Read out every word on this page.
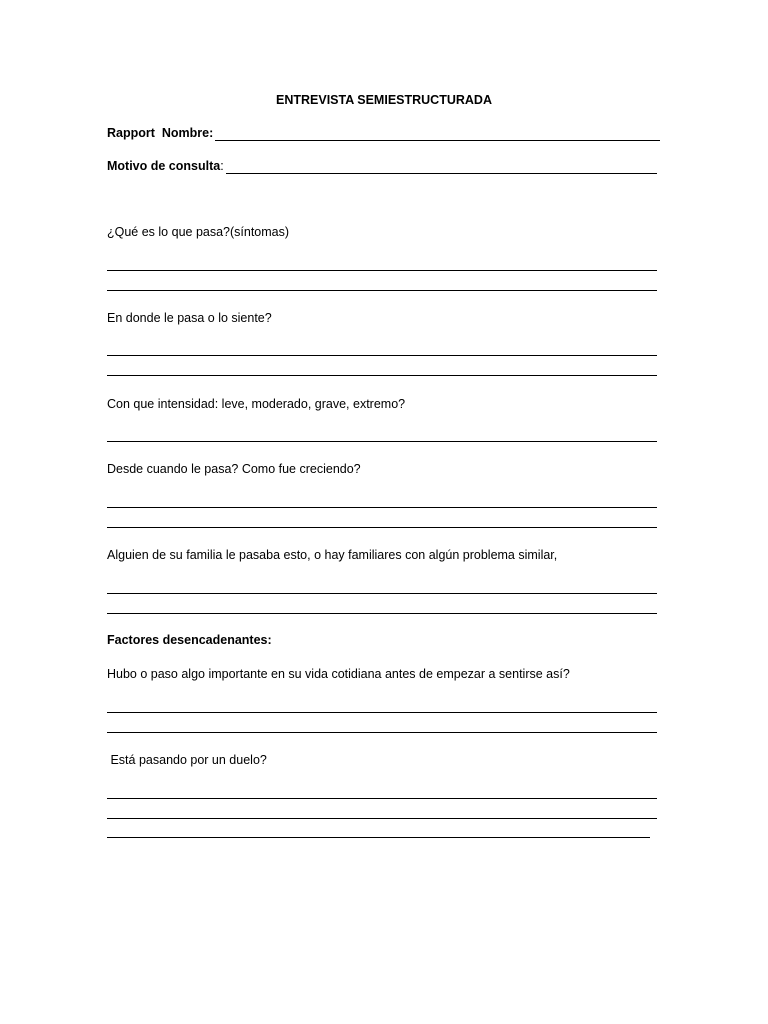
ENTREVISTA SEMIESTRUCTURADA
Rapport  Nombre:
Motivo de consulta :
¿Qué es lo que pasa?(síntomas)
En donde le pasa o lo siente?
Con que intensidad: leve, moderado, grave, extremo?
Desde cuando le pasa? Como fue creciendo?
Alguien de su familia le pasaba esto, o hay familiares con algún problema similar,
Factores desencadenantes:
Hubo o paso algo importante en su vida cotidiana antes de empezar a sentirse así?
Está pasando por un duelo?
